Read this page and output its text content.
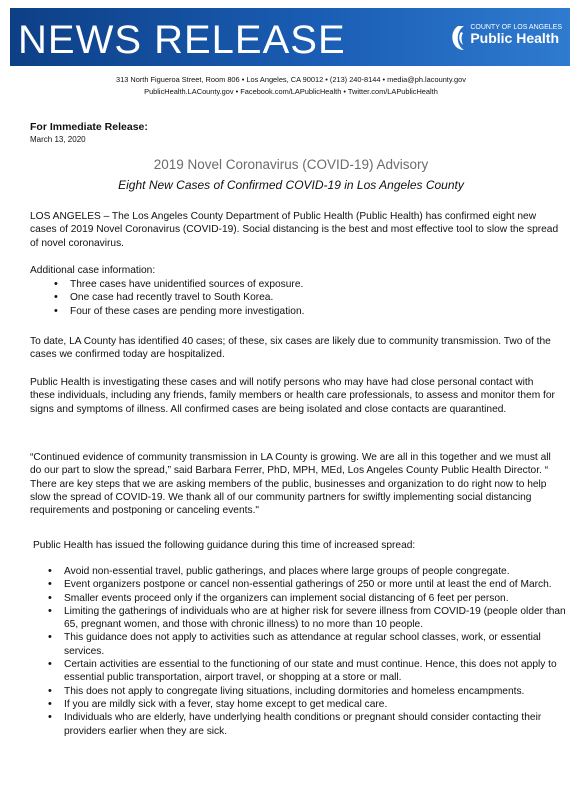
NEWS RELEASE	COUNTY OF LOS ANGELES
Public Health
313 North Figueroa Street, Room 806 • Los Angeles, CA 90012 • (213) 240-8144 • media@ph.lacounty.gov
PublicHealth.LACounty.gov • Facebook.com/LAPublicHealth • Twitter.com/LAPublicHealth
For Immediate Release:
March 13, 2020
2019 Novel Coronavirus (COVID-19) Advisory
Eight New Cases of Confirmed COVID-19 in Los Angeles County

LOS ANGELES – The Los Angeles County Department of Public Health (Public Health) has confirmed eight new cases of 2019 Novel Coronavirus (COVID-19). Social distancing is the best and most effective tool to slow the spread of novel coronavirus.

Additional case information:

• Three cases have unidentified sources of exposure.
• One case had recently travel to South Korea.
• Four of these cases are pending more investigation.

To date, LA County has identified 40 cases; of these, six cases are likely due to community transmission. Two of the cases we confirmed today are hospitalized.

Public Health is investigating these cases and will notify persons who may have had close personal contact with these individuals, including any friends, family members or health care professionals, to assess and monitor them for signs and symptoms of illness. All confirmed cases are being isolated and close contacts are quarantined.

“Continued evidence of community transmission in LA County is growing. We are all in this together and we must all do our part to slow the spread,” said Barbara Ferrer, PhD, MPH, MEd, Los Angeles County Public Health Director. “ There are key steps that we are asking members of the public, businesses and organization to do right now to help slow the spread of COVID-19. We thank all of our community partners for swiftly implementing social distancing requirements and postponing or canceling events."

Public Health has issued the following guidance during this time of increased spread:

• Avoid non-essential travel, public gatherings, and places where large groups of people congregate.
• Event organizers postpone or cancel non-essential gatherings of 250 or more until at least the end of March.
• Smaller events proceed only if the organizers can implement social distancing of 6 feet per person.
• Limiting the gatherings of individuals who are at higher risk for severe illness from COVID-19 (people older than 65, pregnant women, and those with chronic illness) to no more than 10 people.
• This guidance does not apply to activities such as attendance at regular school classes, work, or essential services.
• Certain activities are essential to the functioning of our state and must continue. Hence, this does not apply to essential public transportation, airport travel, or shopping at a store or mall.
• This does not apply to congregate living situations, including dormitories and homeless encampments.
• If you are mildly sick with a fever, stay home except to get medical care.
• Individuals who are elderly, have underlying health conditions or pregnant should consider contacting their providers earlier when they are sick.
